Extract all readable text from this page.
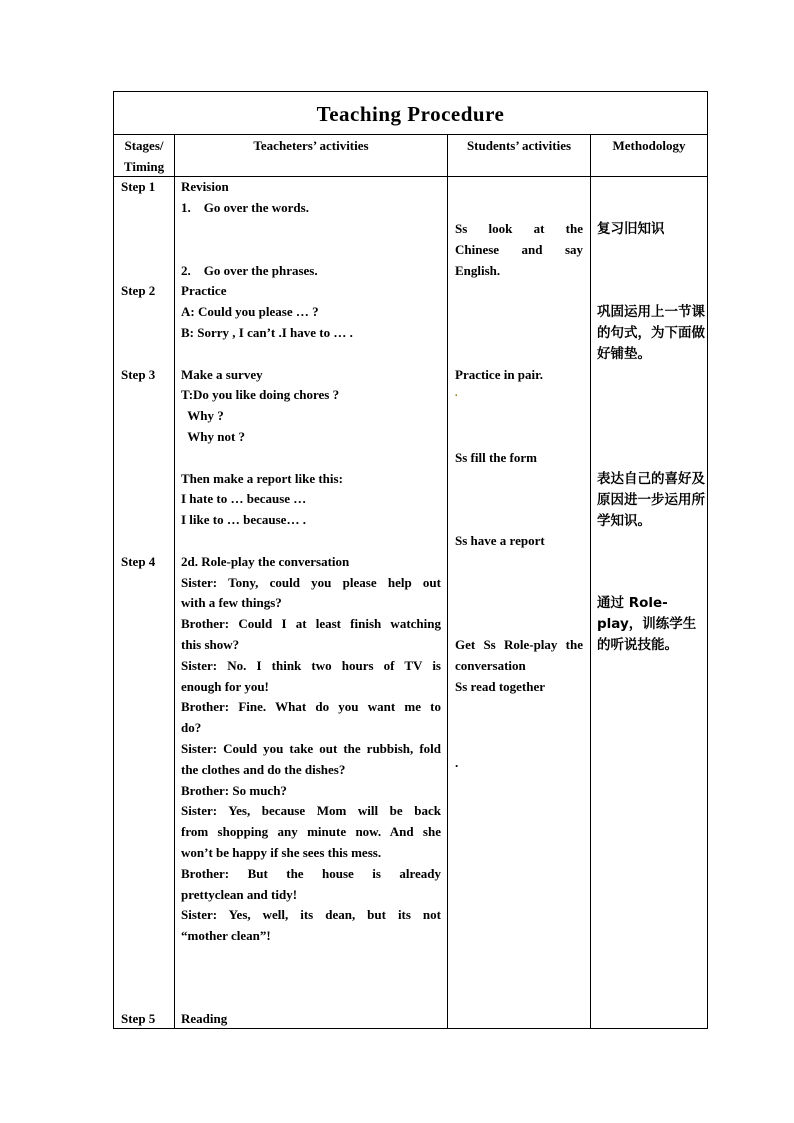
Teaching Procedure
Stages/
Timing
Teacheters’ activities	Students’ activities	Methodology
Step 1
Step 2
Step 3
Step 4
Step 5
Revision
1.    Go over the words.
2.    Go over the phrases.
Practice
A: Could you please … ?
B: Sorry , I can’t .I have to … .
Make a survey
T:Do you like doing chores ?
Why ?
Why not ?
Then make a report like this:
I hate to … because …
I like to … because… .
2d. Role-play the conversation
Sister: Tony, could you please help out
with a few things?
Brother: Could I at least finish watching
this show?
Sister: No. I think two hours of TV is
enough for you!
Brother: Fine. What do you want me to
do?
Sister: Could you take out the rubbish, fold
the clothes and do the dishes?
Brother: So much?
Sister: Yes, because Mom will be back
from shopping any minute now. And she
won’t be happy if she sees this mess.
Brother: But the house is already
prettyclean and tidy!
Sister: Yes, well, its dean, but its not
“mother clean”!
Reading
Ss look at the
Chinese and say
English.
Practice in pair.
.
Ss fill the form
Ss have a report
Get Ss Role-play the
conversation
Ss read together
.
复习旧知识
巩固运用上一节课的句式，为下面做好铺垫。
表达自己的喜好及原因进一步运用所学知识。
通过 Role-play，训练学生的听说技能。
